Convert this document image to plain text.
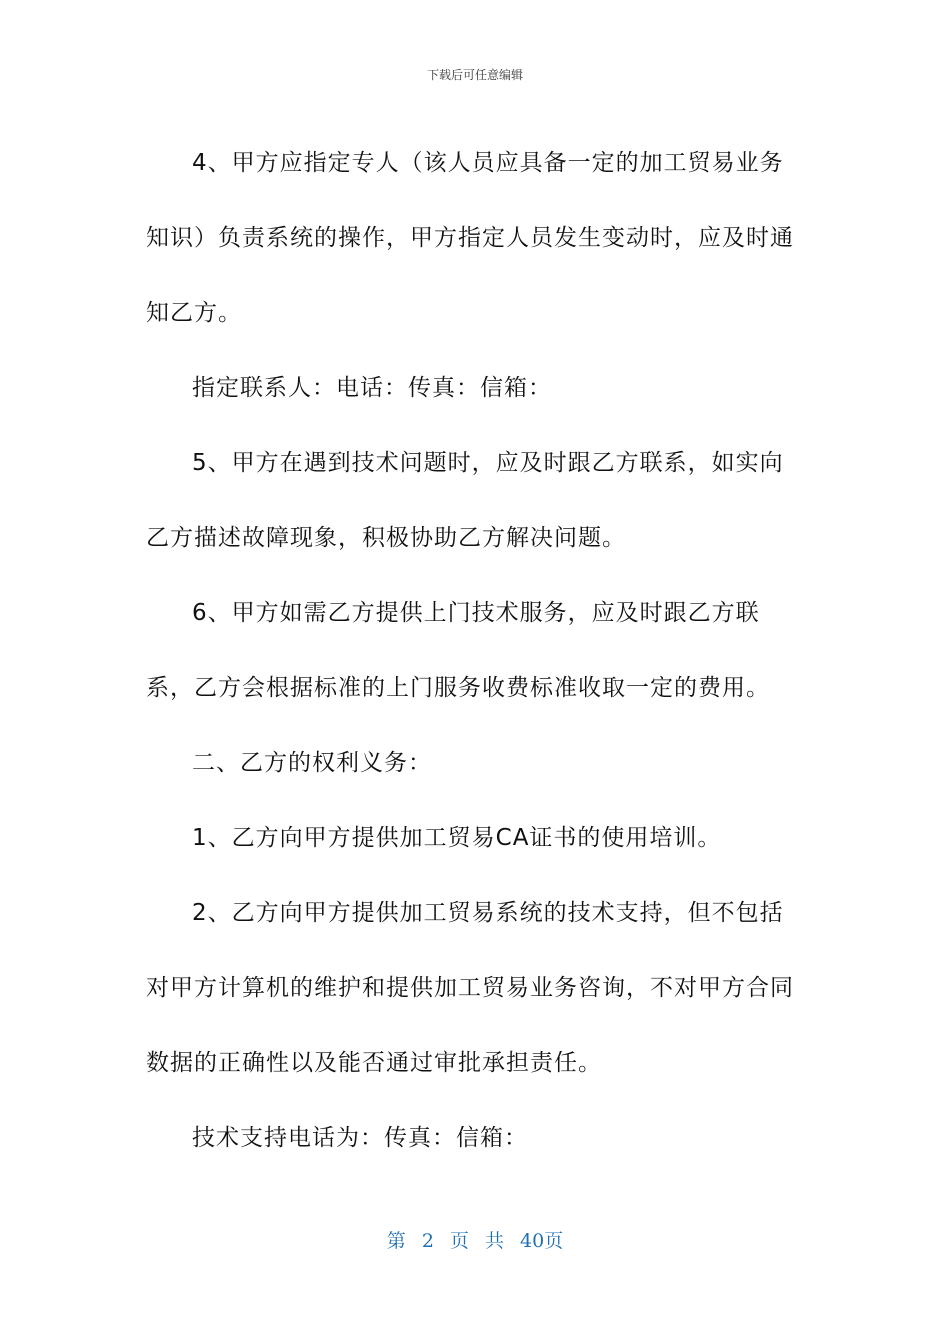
下载后可任意编辑

4、甲方应指定专人（该人员应具备一定的加工贸易业务知识）负责系统的操作，甲方指定人员发生变动时，应及时通知乙方。

指定联系人：电话：传真：信箱：

5、甲方在遇到技术问题时，应及时跟乙方联系，如实向乙方描述故障现象，积极协助乙方解决问题。

6、甲方如需乙方提供上门技术服务，应及时跟乙方联系，乙方会根据标准的上门服务收费标准收取一定的费用。

二、乙方的权利义务：

1、乙方向甲方提供加工贸易CA证书的使用培训。

2、乙方向甲方提供加工贸易系统的技术支持，但不包括对甲方计算机的维护和提供加工贸易业务咨询，不对甲方合同数据的正确性以及能否通过审批承担责任。

技术支持电话为：传真：信箱：

第 2 页 共 40页
